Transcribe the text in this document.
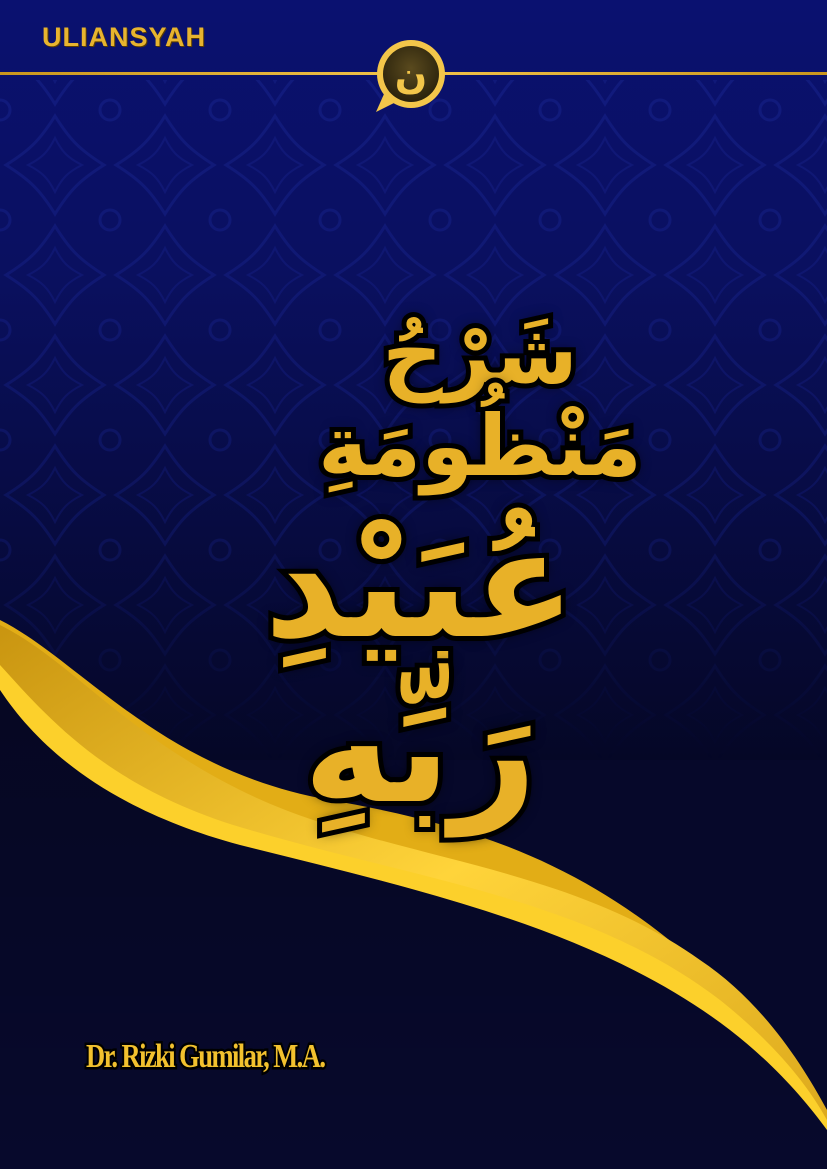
ULIANSYAH
ن

شَرْحُ مَنْظُومَةِ

عُبَيْدِ رَبِّهِ

Dr. Rizki Gumilar, M.A.
